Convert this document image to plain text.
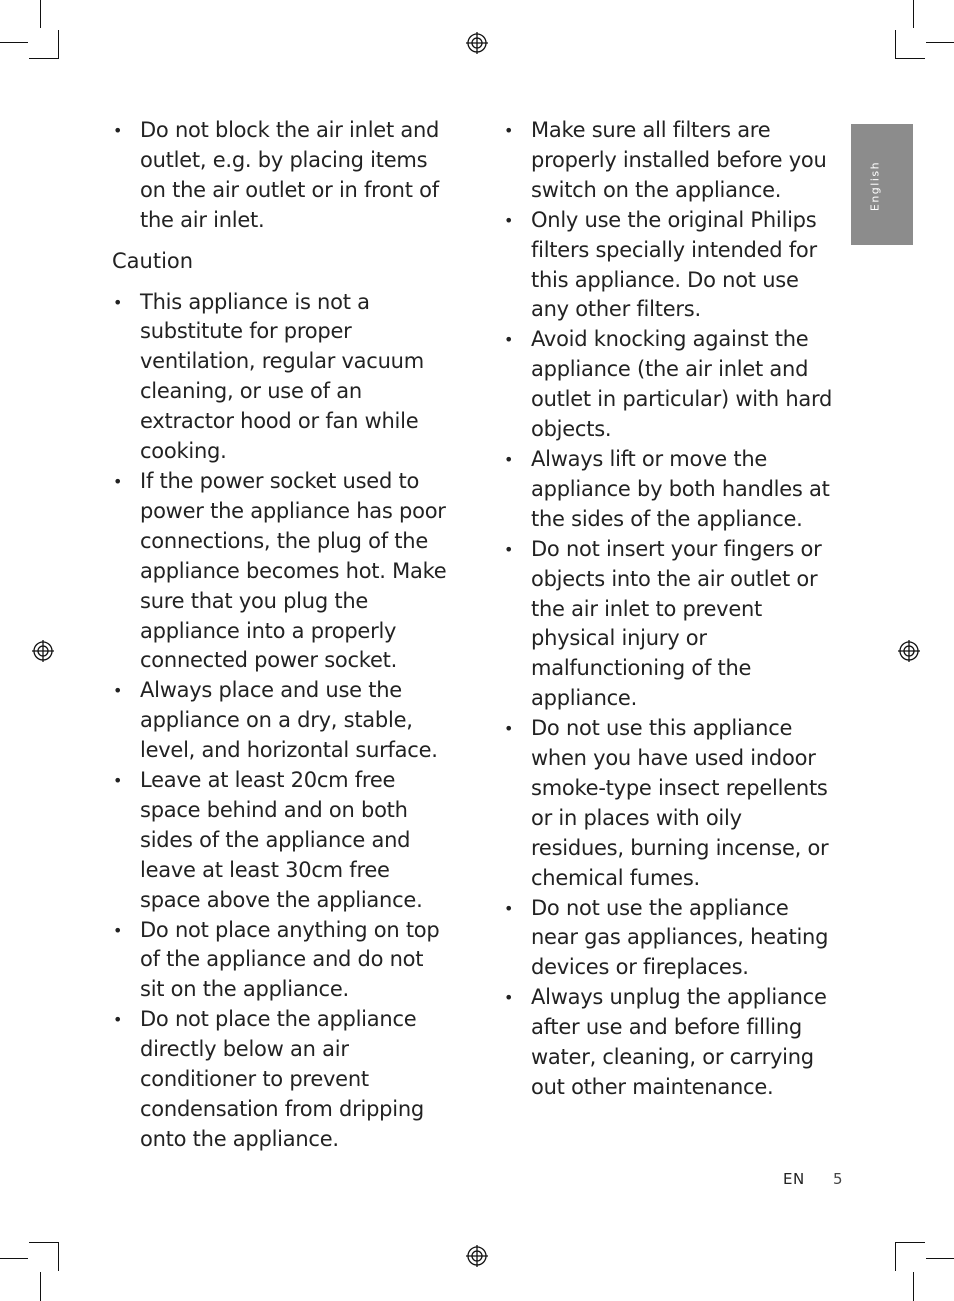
English
• Do not block the air inlet and outlet, e.g. by placing items on the air outlet or in front of the air inlet.
Caution
• This appliance is not a substitute for proper ventilation, regular vacuum cleaning, or use of an extractor hood or fan while cooking.
• If the power socket used to power the appliance has poor connections, the plug of the appliance becomes hot. Make sure that you plug the appliance into a properly connected power socket.
• Always place and use the appliance on a dry, stable, level, and horizontal surface.
• Leave at least 20cm free space behind and on both sides of the appliance and leave at least 30cm free space above the appliance.
• Do not place anything on top of the appliance and do not sit on the appliance.
• Do not place the appliance directly below an air conditioner to prevent condensation from dripping onto the appliance.
• Make sure all filters are properly installed before you switch on the appliance.
• Only use the original Philips filters specially intended for this appliance. Do not use any other filters.
• Avoid knocking against the appliance (the air inlet and outlet in particular) with hard objects.
• Always lift or move the appliance by both handles at the sides of the appliance.
• Do not insert your fingers or objects into the air outlet or the air inlet to prevent physical injury or malfunctioning of the appliance.
• Do not use this appliance when you have used indoor smoke-type insect repellents or in places with oily residues, burning incense, or chemical fumes.
• Do not use the appliance near gas appliances, heating devices or fireplaces.
• Always unplug the appliance after use and before filling water, cleaning, or carrying out other maintenance.
EN 5
